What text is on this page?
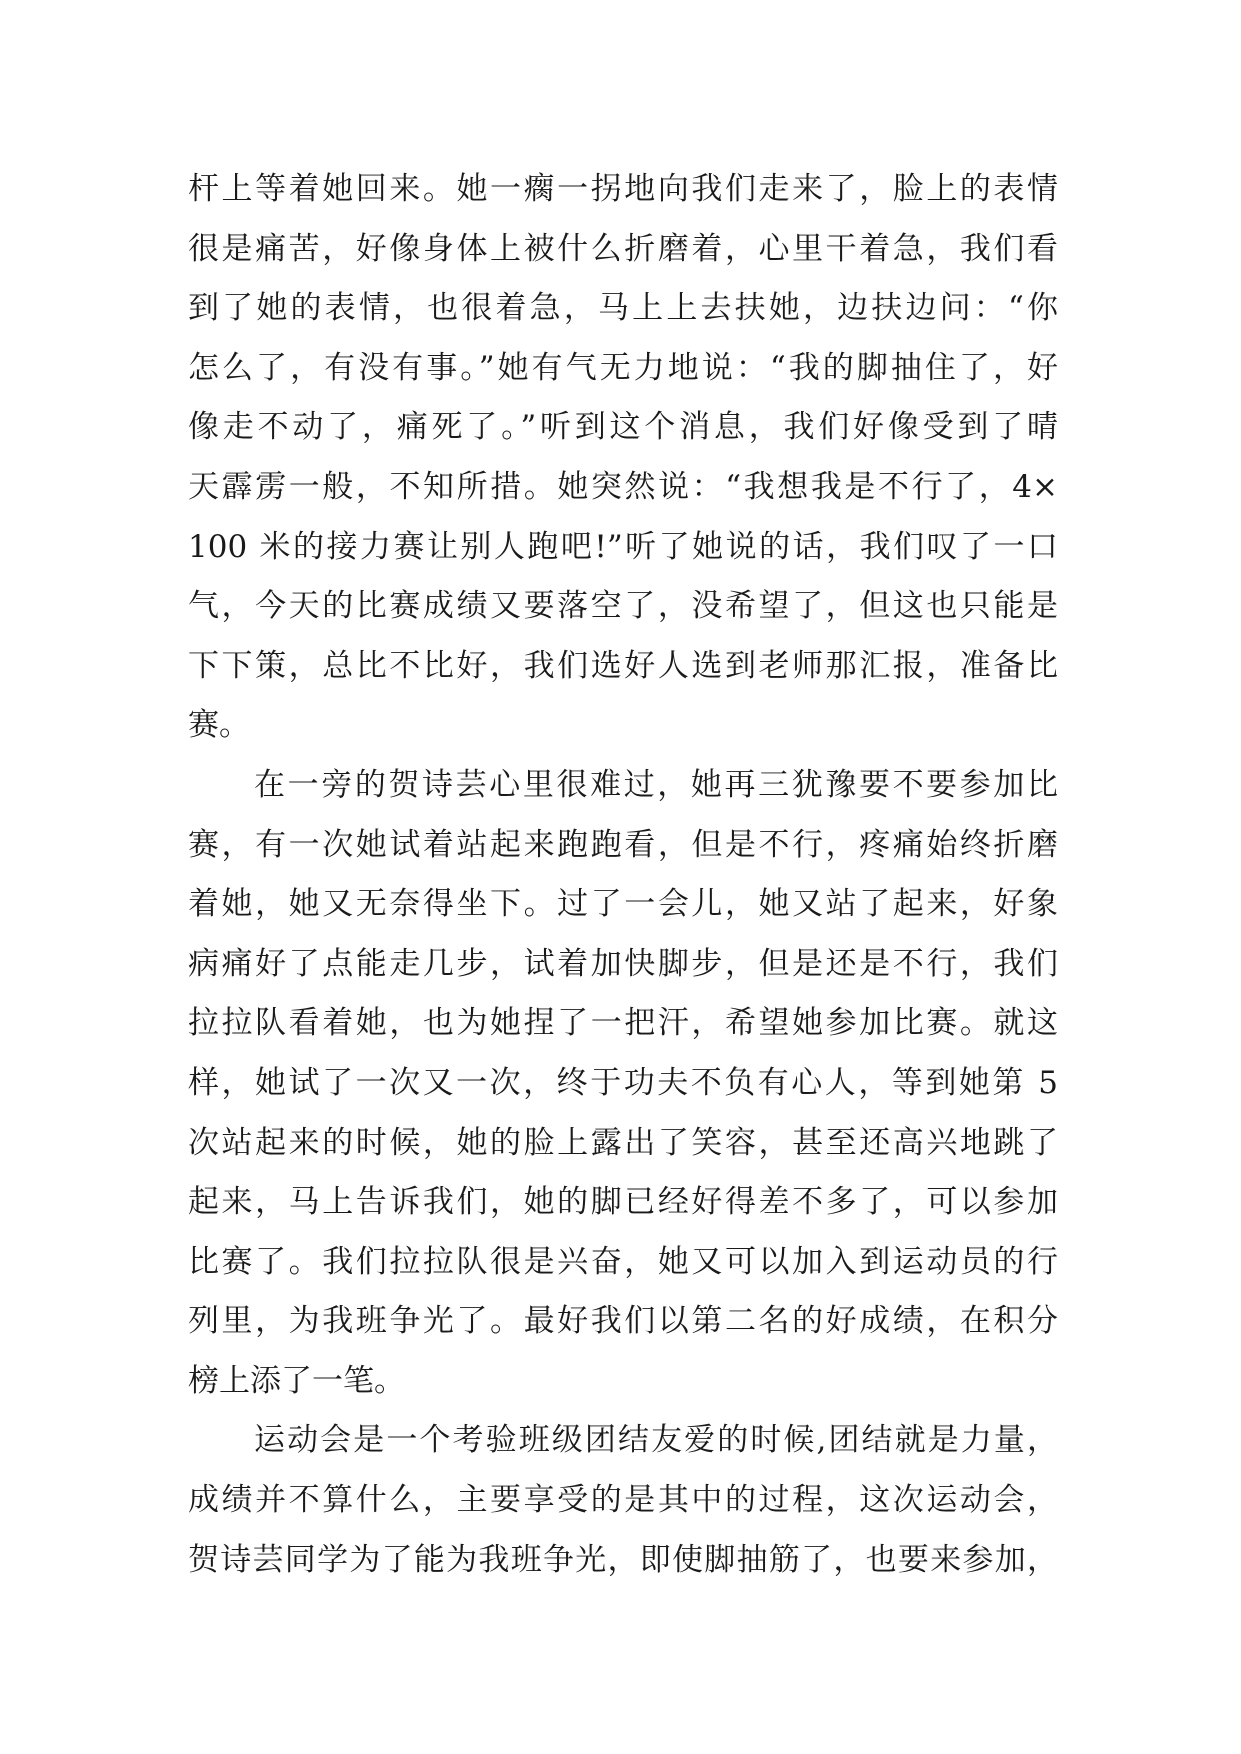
杆上等着她回来。她一瘸一拐地向我们走来了，脸上的表情
很是痛苦，好像身体上被什么折磨着，心里干着急，我们看
到了她的表情，也很着急，马上上去扶她，边扶边问：“你
怎么了，有没有事。”她有气无力地说：“我的脚抽住了，好
像走不动了，痛死了。”听到这个消息，我们好像受到了晴
天霹雳一般，不知所措。她突然说：“我想我是不行了，4×
100 米的接力赛让别人跑吧!”听了她说的话，我们叹了一口
气，今天的比赛成绩又要落空了，没希望了，但这也只能是
下下策，总比不比好，我们选好人选到老师那汇报，准备比
赛。
在一旁的贺诗芸心里很难过，她再三犹豫要不要参加比
赛，有一次她试着站起来跑跑看，但是不行，疼痛始终折磨
着她，她又无奈得坐下。过了一会儿，她又站了起来，好象
病痛好了点能走几步，试着加快脚步，但是还是不行，我们
拉拉队看着她，也为她捏了一把汗，希望她参加比赛。就这
样，她试了一次又一次，终于功夫不负有心人，等到她第 5
次站起来的时候，她的脸上露出了笑容，甚至还高兴地跳了
起来，马上告诉我们，她的脚已经好得差不多了，可以参加
比赛了。我们拉拉队很是兴奋，她又可以加入到运动员的行
列里，为我班争光了。最好我们以第二名的好成绩，在积分
榜上添了一笔。
运动会是一个考验班级团结友爱的时候,团结就是力量，
成绩并不算什么，主要享受的是其中的过程，这次运动会，
贺诗芸同学为了能为我班争光，即使脚抽筋了，也要来参加，
